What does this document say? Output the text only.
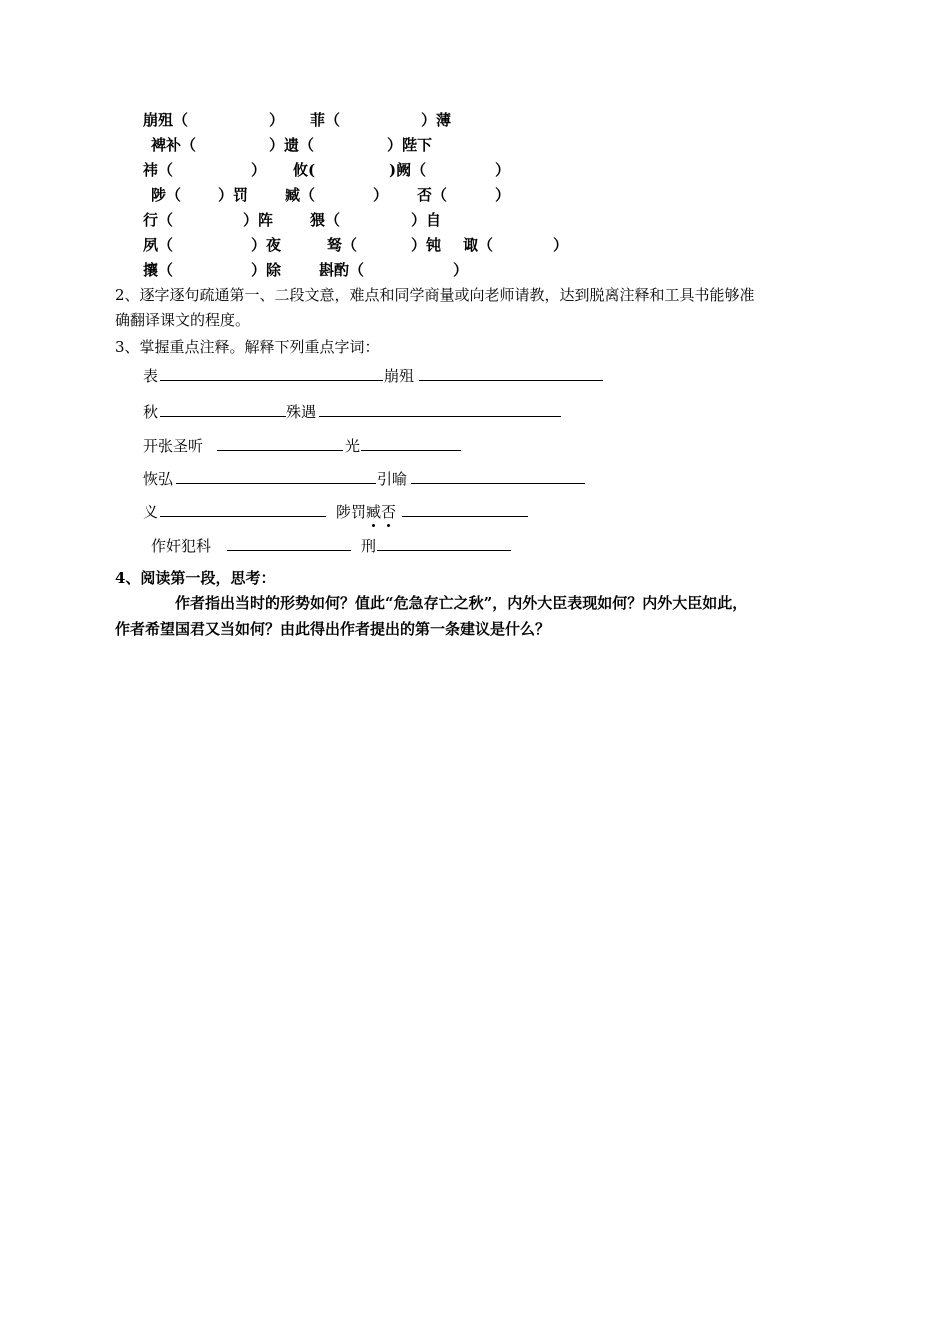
崩殂（	） 菲（	）薄
裨补（	）遗（	）陛下
祎（	） 攸(	)阙（	）
陟（ ）罚 臧（	） 否（	）
行（	）阵 猥（	）自
夙（	）夜	驽（	）钝 诹（	）
攘（	）除	斟酌（	）
2、逐字逐句疏通第一、二段文意，难点和同学商量或向老师请教，达到脱离注释和工具书能够准
确翻译课文的程度。
3、掌握重点注释。解释下列重点字词：
表	崩殂
秋	殊遇
开张圣听	光
恢弘	引喻
义	陟罚臧否
作奸犯科	刑
4、阅读第一段，思考：
作者指出当时的形势如何？值此“危急存亡之秋”，内外大臣表现如何？内外大臣如此，
作者希望国君又当如何？由此得出作者提出的第一条建议是什么？
